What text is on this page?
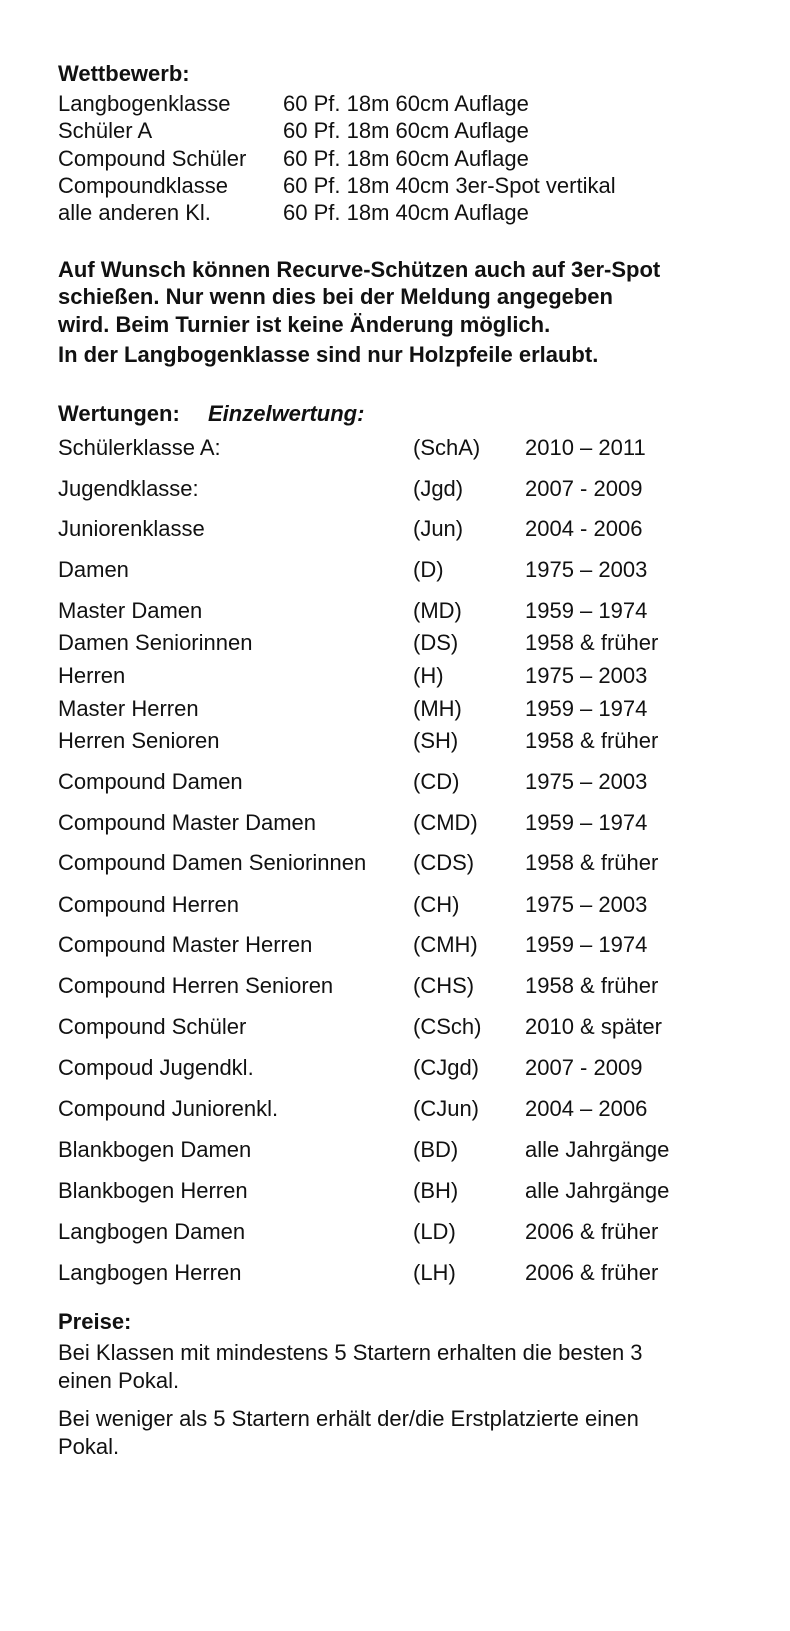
Wettbewerb:
Langbogenklasse 60 Pf. 18m 60cm Auflage
Schüler A	60 Pf. 18m 60cm Auflage
Compound Schüler 60 Pf. 18m 60cm Auflage
Compoundklasse	60 Pf. 18m 40cm 3er-Spot vertikal
alle anderen Kl.	60 Pf. 18m 40cm Auflage
Auf Wunsch können Recurve-Schützen auch auf 3er-Spot
schießen. Nur wenn dies bei der Meldung angegeben
wird. Beim Turnier ist keine Änderung möglich.
In der Langbogenklasse sind nur Holzpfeile erlaubt.
Wertungen: Einzelwertung:
Schülerklasse A:	(SchA) 2010 – 2011
Jugendklasse:	(Jgd)	2007 - 2009
Juniorenklasse	(Jun)	2004 - 2006
Damen	(D)	1975 – 2003
Master Damen	(MD)	1959 – 1974
Damen Seniorinnen	(DS)	1958 & früher
Herren	(H)	1975 – 2003
Master Herren	(MH)	1959 – 1974
Herren Senioren	(SH)	1958 & früher
Compound Damen	(CD)	1975 – 2003
Compound Master Damen	(CMD) 1959 – 1974
Compound Damen Seniorinnen (CDS) 1958 & früher
Compound Herren	(CH)	1975 – 2003
Compound Master Herren	(CMH) 1959 – 1974
Compound Herren Senioren	(CHS) 1958 & früher
Compound Schüler	(CSch) 2010 & später
Compoud Jugendkl.	(CJgd) 2007 - 2009
Compound Juniorenkl.	(CJun) 2004 – 2006
Blankbogen Damen	(BD)	alle Jahrgänge
Blankbogen Herren	(BH)	alle Jahrgänge
Langbogen Damen	(LD)	2006 & früher
Langbogen Herren	(LH)	2006 & früher
Preise:
Bei Klassen mit mindestens 5 Startern erhalten die besten 3
einen Pokal.
Bei weniger als 5 Startern erhält der/die Erstplatzierte einen
Pokal.
